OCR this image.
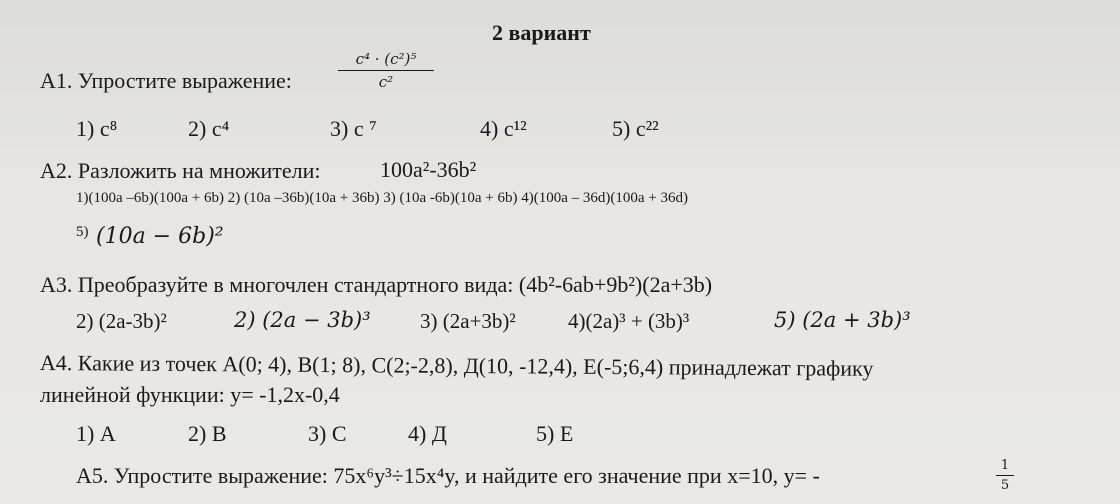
2 вариант
А1. Упростите выражение:
c⁴ · (c²)⁵
c²
1) c⁸	2) c⁴	3) c ⁷	4) c¹²	5) c²²
А2. Разложить на множители:	100a²-36b²
1)(100a –6b)(100a + 6b) 2) (10a –36b)(10a + 36b) 3) (10a -6b)(10a + 6b) 4)(100a – 36d)(100a + 36d)
5) (10a − 6b)²
А3. Преобразуйте в многочлен стандартного вида: (4b²-6ab+9b²)(2a+3b)
2) (2a-3b)²	2) (2a − 3b)³ 3) (2a+3b)² 4)(2a)³ + (3b)³	5) (2a + 3b)³
А4. Какие из точек А(0; 4), В(1; 8), С(2;-2,8), Д(10, -12,4), Е(-5;6,4) принадлежат графику
линейной функции: y= -1,2x-0,4
1) А	2) В	3) С	4) Д	5) Е
А5. Упростите выражение: 75x⁶y³÷15x⁴y, и найдите его значение при x=10, y= -	1
5
